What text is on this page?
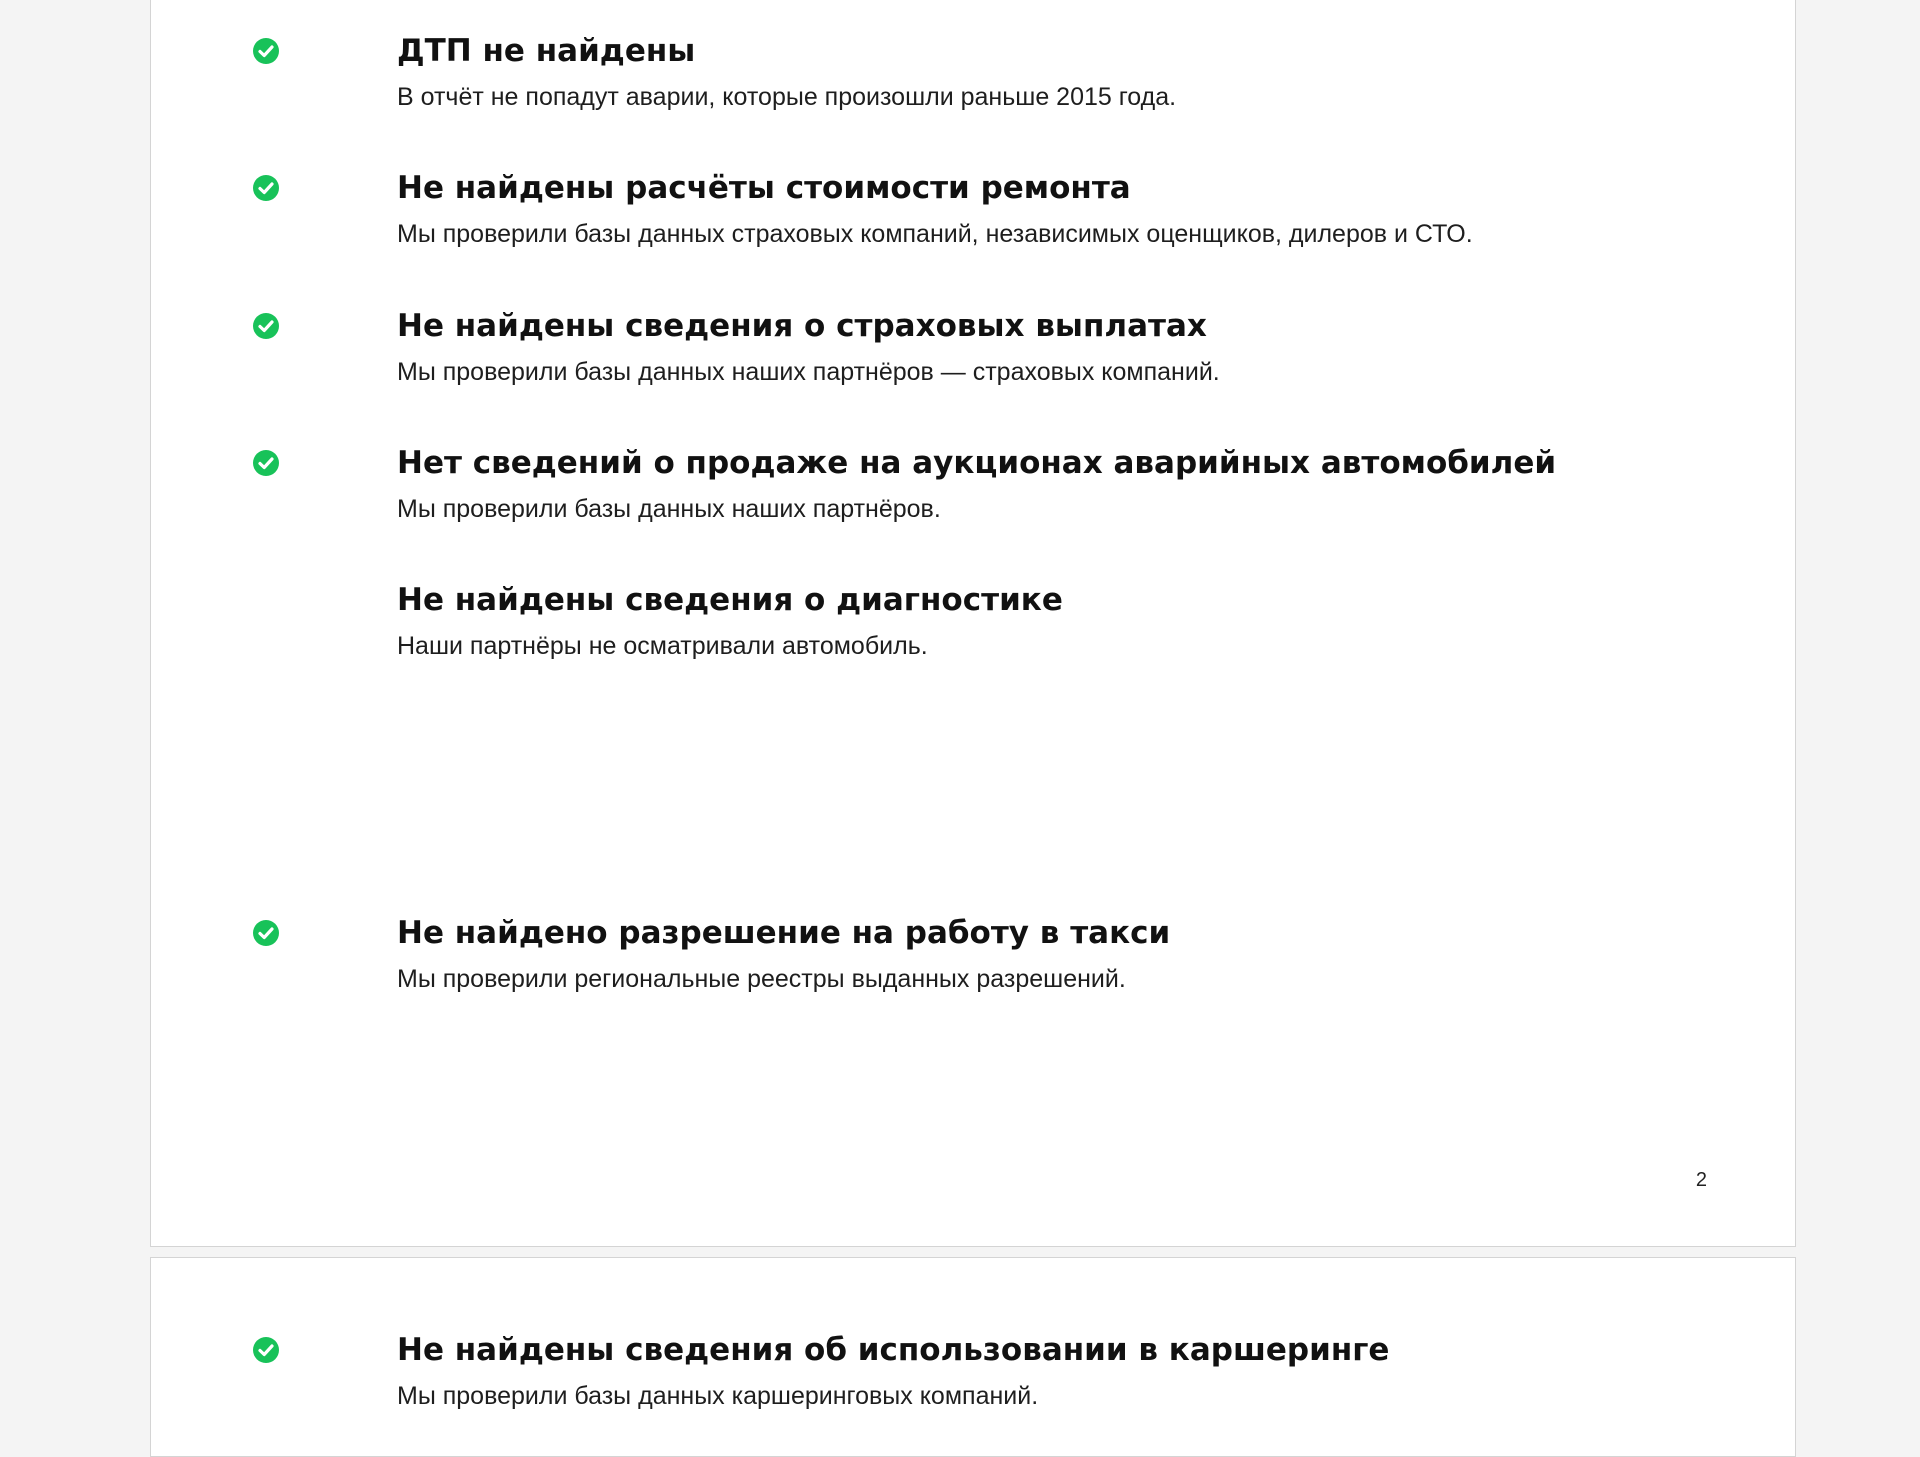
ДТП не найдены
В отчёт не попадут аварии, которые произошли раньше 2015 года.
Не найдены расчёты стоимости ремонта
Мы проверили базы данных страховых компаний, независимых оценщиков, дилеров и СТО.
Не найдены сведения о страховых выплатах
Мы проверили базы данных наших партнёров — страховых компаний.
Нет сведений о продаже на аукционах аварийных автомобилей
Мы проверили базы данных наших партнёров.
Не найдены сведения о диагностике
Наши партнёры не осматривали автомобиль.
Не найдено разрешение на работу в такси
Мы проверили региональные реестры выданных разрешений.
2
Не найдены сведения об использовании в каршеринге
Мы проверили базы данных каршеринговых компаний.
